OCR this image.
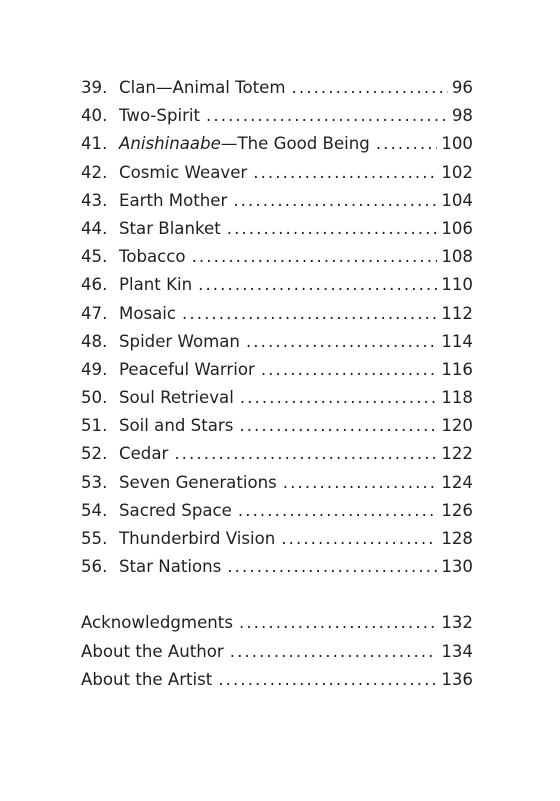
39. Clan—Animal Totem . . .	96
40. Two-Spirit . . .	98
41. Anishinaabe—The Good Being . . .	100
42. Cosmic Weaver . . .	102
43. Earth Mother . . .	104
44. Star Blanket . . .	106
45. Tobacco . . .	108
46. Plant Kin . . .	110
47. Mosaic . . .	112
48. Spider Woman . . .	114
49. Peaceful Warrior . . .	116
50. Soul Retrieval . . .	118
51. Soil and Stars . . .	120
52. Cedar . . .	122
53. Seven Generations . . .	124
54. Sacred Space . . .	126
55. Thunderbird Vision . . .	128
56. Star Nations . . .	130
Acknowledgments . . .	132
About the Author . . .	134
About the Artist . . .	136
